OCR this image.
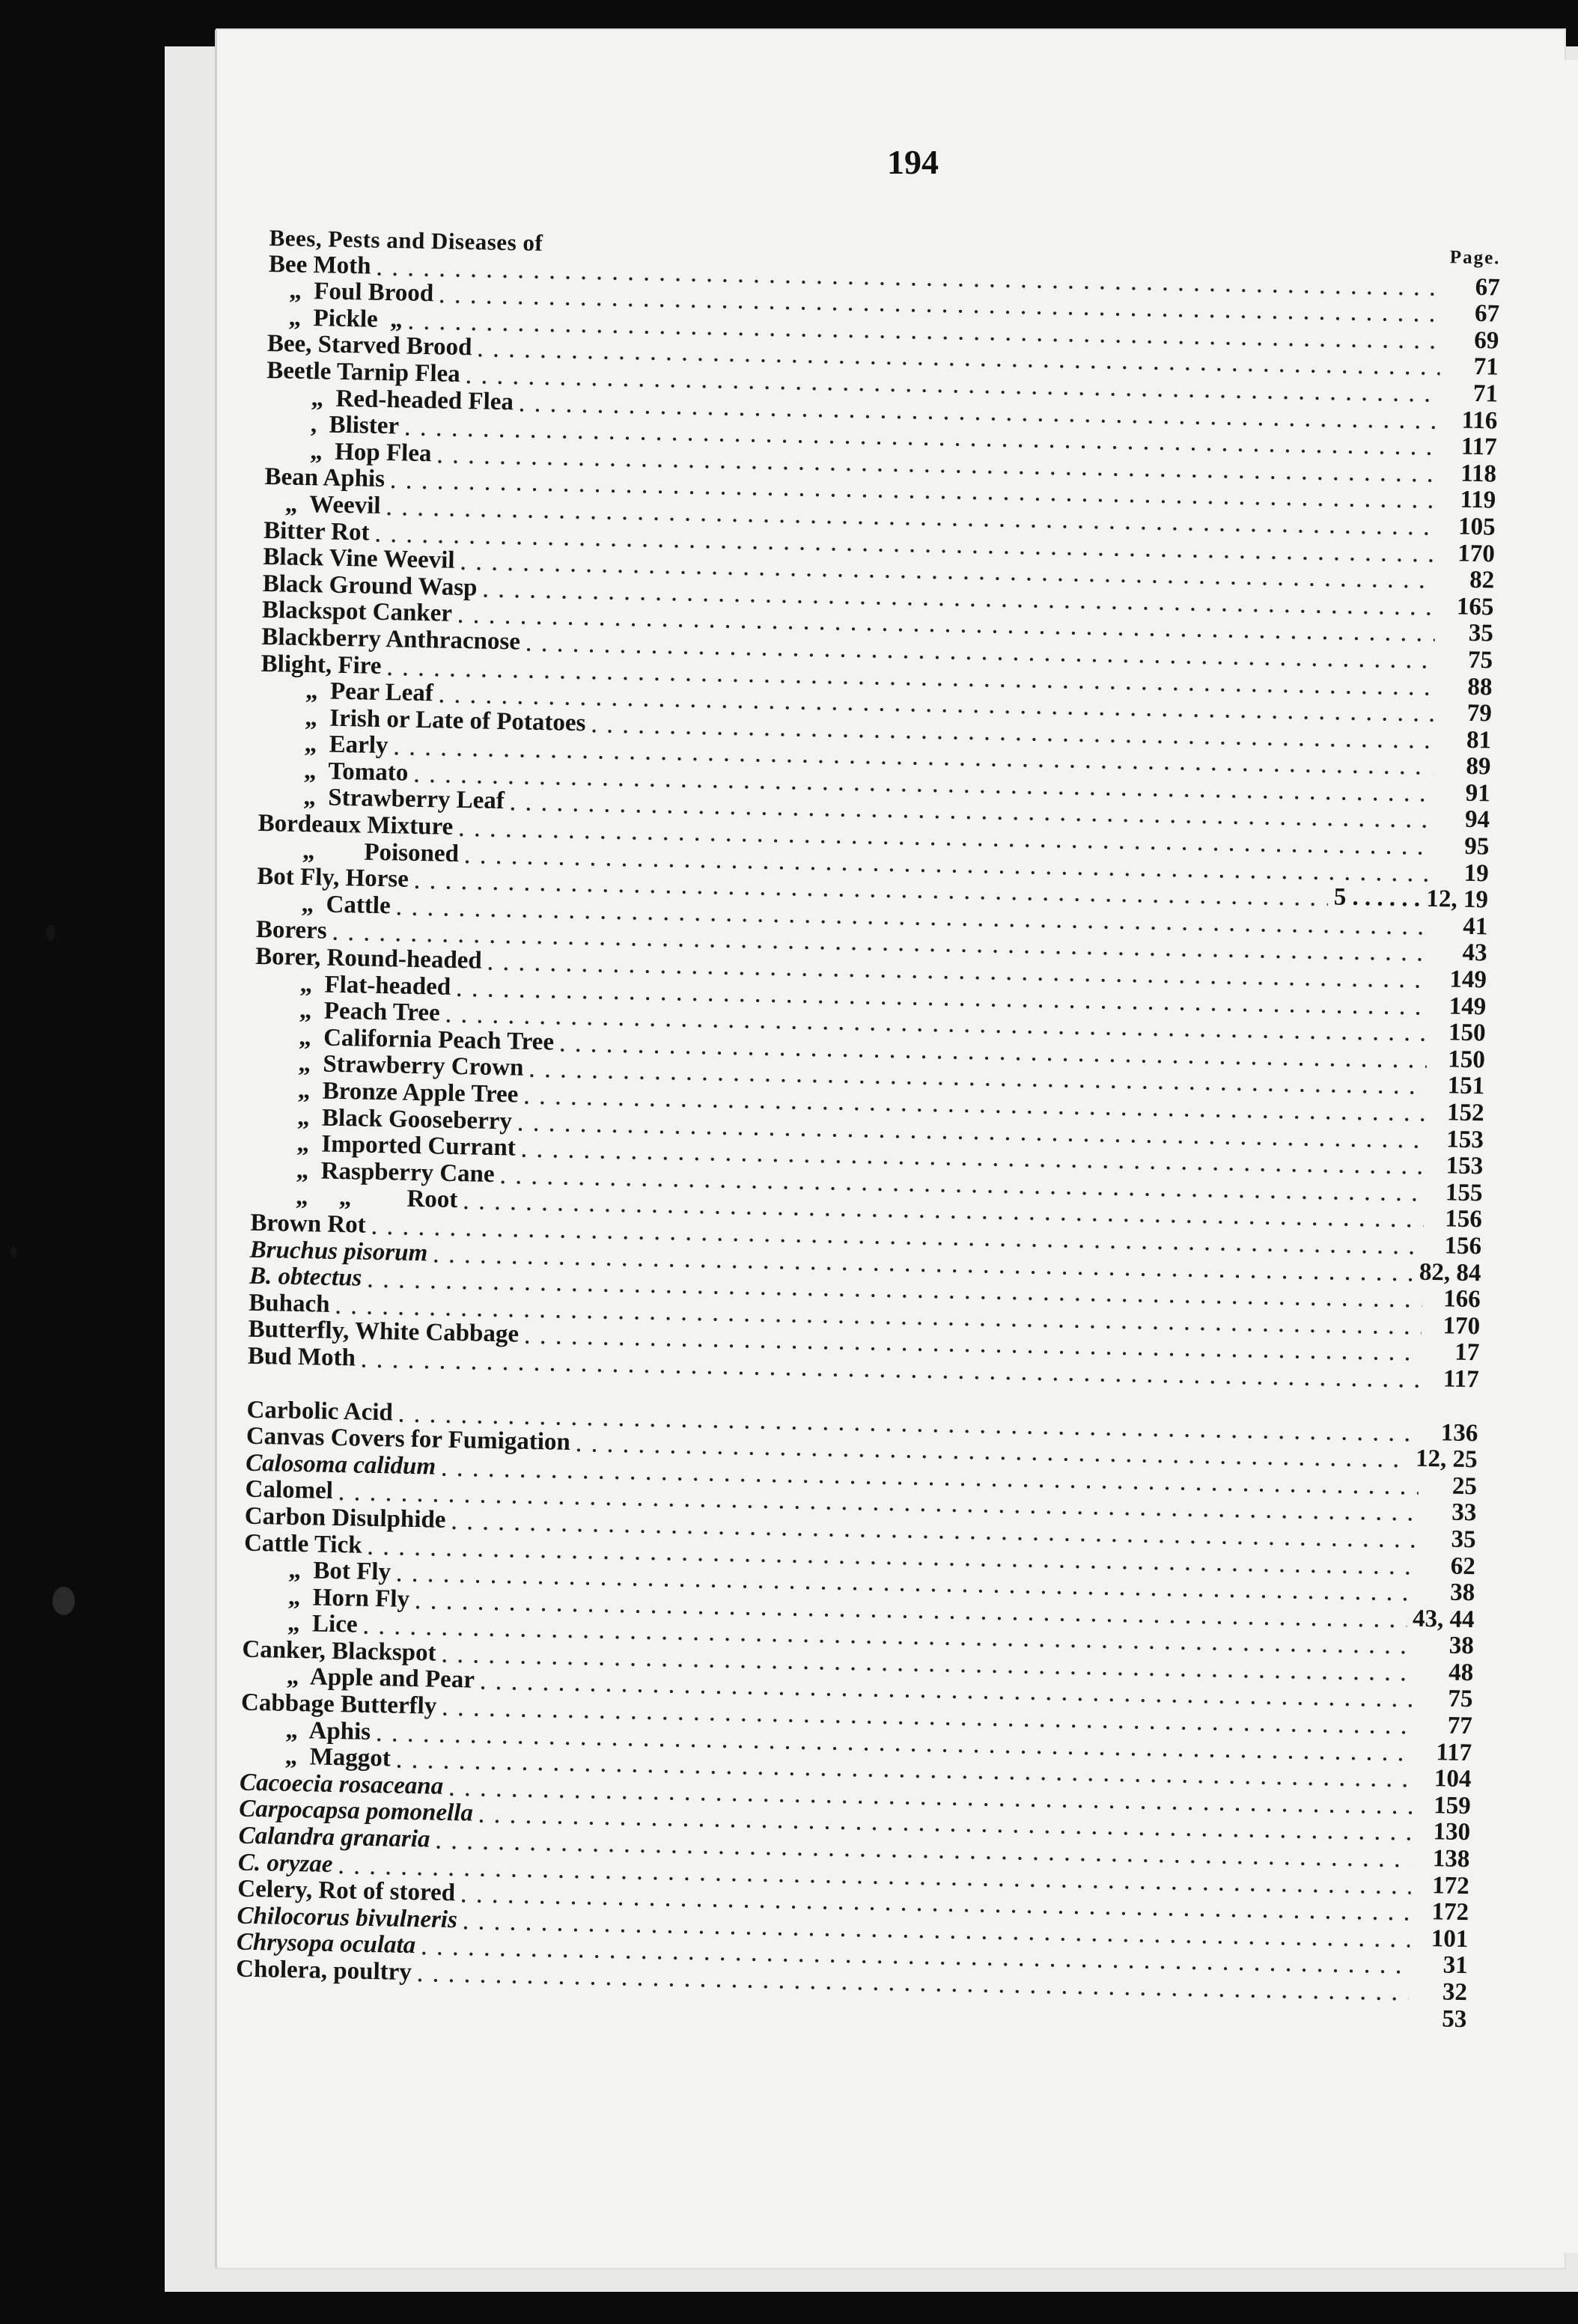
194
Bees, Pests and Diseases of
Page.
Bee Moth
. . .
67
„  Foul Brood
. . .
67
„  Pickle  „
. . .
69
Bee, Starved Brood
. . .
71
Beetle Tarnip Flea
. . .
71
„  Red-headed Flea
. . .
116
,  Blister
. . .
117
„  Hop Flea
. . .
118
Bean Aphis
. . .
119
„  Weevil
. . .
105
Bitter Rot
. . .
170
Black Vine Weevil
. . .
82
Black Ground Wasp
. . .
165
Blackspot Canker
. . .
35
Blackberry Anthracnose
. . .
75
Blight, Fire
. . .
88
„  Pear Leaf
. . .
79
„  Irish or Late of Potatoes
. . .
81
„  Early
. . .
89
„  Tomato
. . .
91
„  Strawberry Leaf
. . .
94
Bordeaux Mixture
. . .
95
„        Poisoned
. . .
19
Bot Fly, Horse
. . .
5 . . . . . . 12, 19
„  Cattle
. . .
41
Borers
. . .
43
Borer, Round-headed
. . .
149
„  Flat-headed
. . .
149
„  Peach Tree
. . .
150
„  California Peach Tree
. . .
150
„  Strawberry Crown
. . .
151
„  Bronze Apple Tree
. . .
152
„  Black Gooseberry
. . .
153
„  Imported Currant
. . .
153
„  Raspberry Cane
. . .
155
„     „         Root
. . .
156
Brown Rot
. . .
156
Bruchus pisorum
. . .
82, 84
B. obtectus
. . .
166
Buhach
. . .
170
Butterfly, White Cabbage
. . .
17
Bud Moth
. . .
117
Carbolic Acid
. . .
136
Canvas Covers for Fumigation
. . .
12, 25
Calosoma calidum
. . .
25
Calomel
. . .
33
Carbon Disulphide
. . .
35
Cattle Tick
. . .
62
„  Bot Fly
. . .
38
„  Horn Fly
. . .
43, 44
„  Lice
. . .
38
Canker, Blackspot
. . .
48
„  Apple and Pear
. . .
75
Cabbage Butterfly
. . .
77
„  Aphis
. . .
117
„  Maggot
. . .
104
Cacoecia rosaceana
. . .
159
Carpocapsa pomonella
. . .
130
Calandra granaria
. . .
138
C. oryzae
. . .
172
Celery, Rot of stored
. . .
172
Chilocorus bivulneris
. . .
101
Chrysopa oculata
. . .
31
Cholera, poultry
. . .
32
53
